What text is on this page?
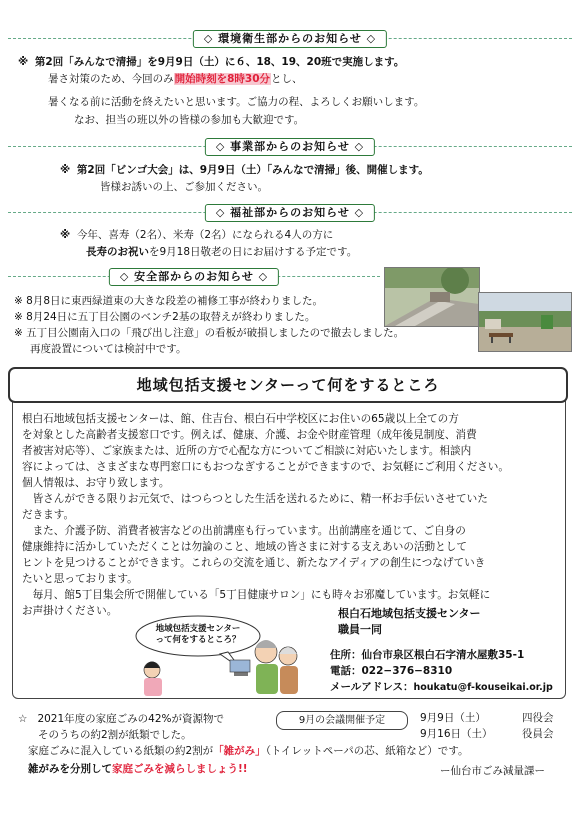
◇ 環境衛生部からのお知らせ ◇
※ 第2回「みんなで清掃」を9月9日（土）に６、18、19、20班で実施します。
暑さ対策のため、今回のみ開始時刻を8時30分とし、
暑くなる前に活動を終えたいと思います。ご協力の程、よろしくお願いします。
なお、担当の班以外の皆様の参加も大歓迎です。
◇ 事業部からのお知らせ ◇
※ 第2回「ビンゴ大会」は、9月9日（土）「みんなで清掃」後、開催します。
皆様お誘いの上、ご参加ください。
◇ 福祉部からのお知らせ ◇
※ 今年、喜寿（2名）、米寿（2名）になられる4人の方に
長寿のお祝いを9月18日敬老の日にお届けする予定です。
◇ 安全部からのお知らせ ◇
※ 8月8日に東西緑道東の大きな段差の補修工事が終わりました。
※ 8月24日に五丁目公園のベンチ2基の取替えが終わりました。
※ 五丁目公園南入口の「飛び出し注意」の看板が破損しましたので撤去しました。
再度設置については検討中です。
地域包括支援センターって何をするところ
根白石地域包括支援センターは、館、住吉台、根白石中学校区にお住いの65歳以上全ての方
を対象とした高齢者支援窓口です。例えば、健康、介護、お金や財産管理（成年後見制度、消費
者被害対応等）、ご家族または、近所の方で心配な方についてご相談に対応いたします。相談内
容によっては、さまざまな専門窓口にもおつなぎすることができますので、お気軽にご利用ください。
個人情報は、お守り致します。
　皆さんができる限りお元気で、はつらつとした生活を送れるために、精一杯お手伝いさせていた
だきます。
　また、介護予防、消費者被害などの出前講座も行っています。出前講座を通じて、ご自身の
健康維持に活かしていただくことは勿論のこと、地域の皆さまに対する支えあいの活動として
ヒントを見つけることができます。これらの交流を通じ、新たなアイディアの創生につなげていき
たいと思っております。
　毎月、館5丁目集会所で開催している「5丁目健康サロン」にも時々お邪魔しています。お気軽に
お声掛けください。
地域包括支援センター
って何をするところ？
根白石地域包括支援センター
職員一同
住所：仙台市泉区根白石字清水屋敷35-1
電話：022−376−8310
メールアドレス：houkatu@f-kouseikai.or.jp
☆ 2021年度の家庭ごみの42%が資源物で
そのうちの約2割が紙類でした。
家庭ごみに混入している紙類の約2割が「雑がみ」（トイレットペーパの芯、紙箱など）です。
雑がみを分別して家庭ごみを減らしましょう!!	ー仙台市ごみ減量課ー
9月の会議開催予定	9月9日（土）	四役会
9月16日（土）	役員会
